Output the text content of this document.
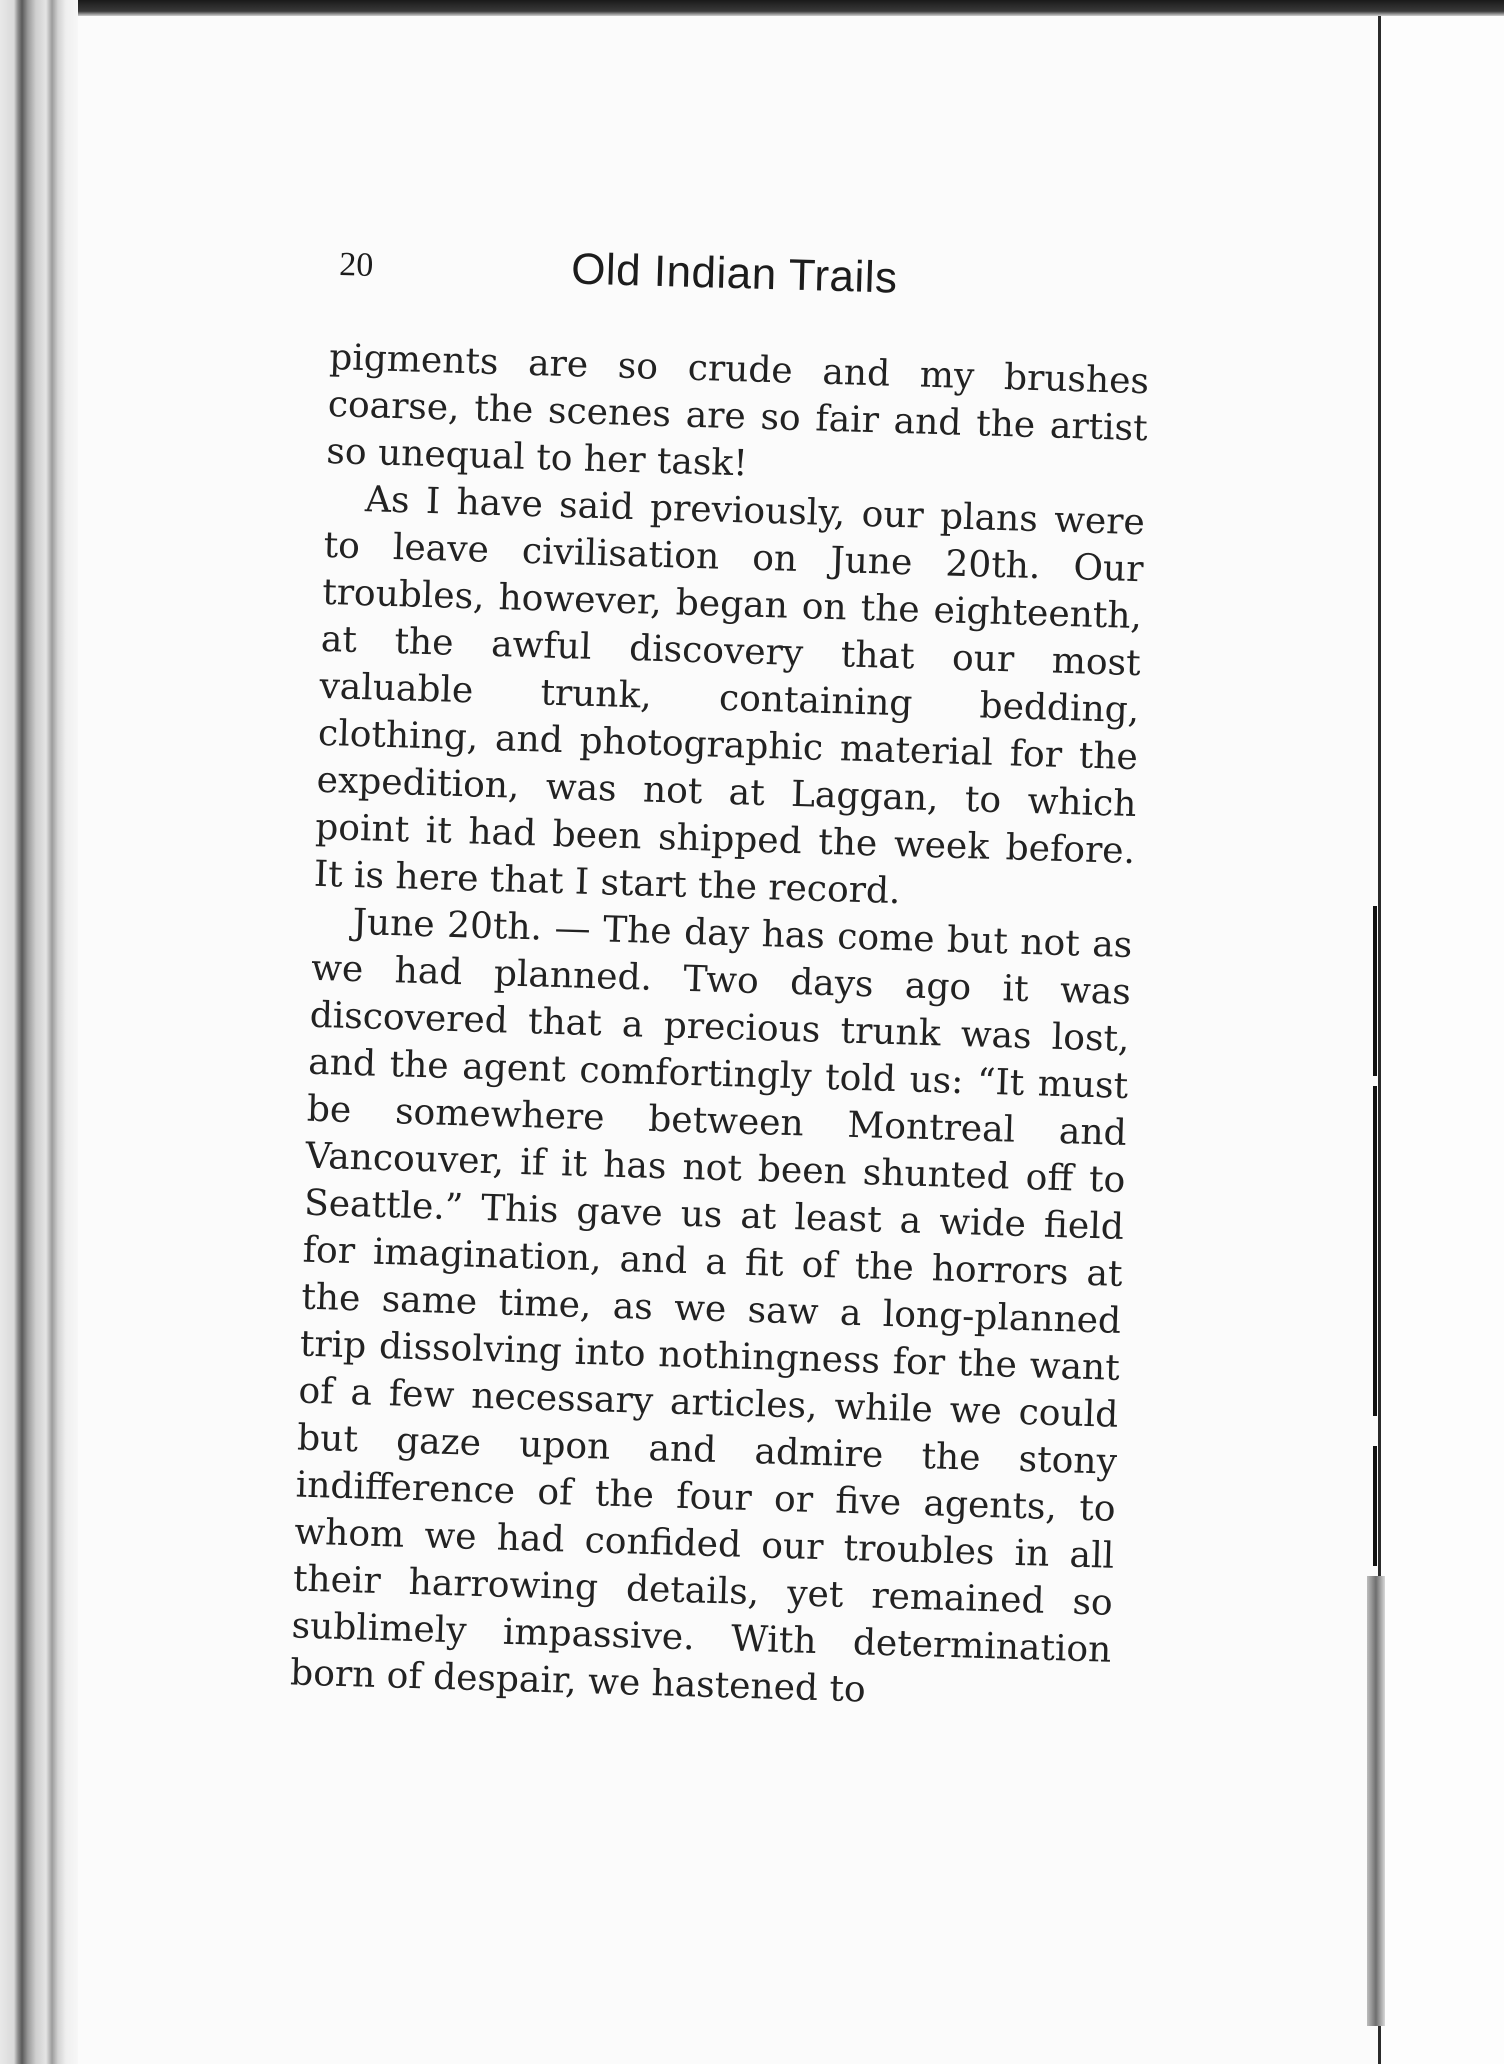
20	Old Indian Trails

pigments are so crude and my brushes coarse, the scenes are so fair and the artist so unequal to her task!

As I have said previously, our plans were to leave civilisation on June 20th. Our troubles, however, began on the eighteenth, at the awful discovery that our most valuable trunk, containing bedding, clothing, and photographic material for the expedition, was not at Laggan, to which point it had been shipped the week before. It is here that I start the record.

June 20th. — The day has come but not as we had planned. Two days ago it was discovered that a precious trunk was lost, and the agent comfortingly told us: “It must be somewhere between Montreal and Vancouver, if it has not been shunted off to Seattle.” This gave us at least a wide field for imagination, and a fit of the horrors at the same time, as we saw a long-planned trip dissolving into nothingness for the want of a few necessary articles, while we could but gaze upon and admire the stony indifference of the four or five agents, to whom we had confided our troubles in all their harrowing details, yet remained so sublimely impassive. With determination born of despair, we hastened to
